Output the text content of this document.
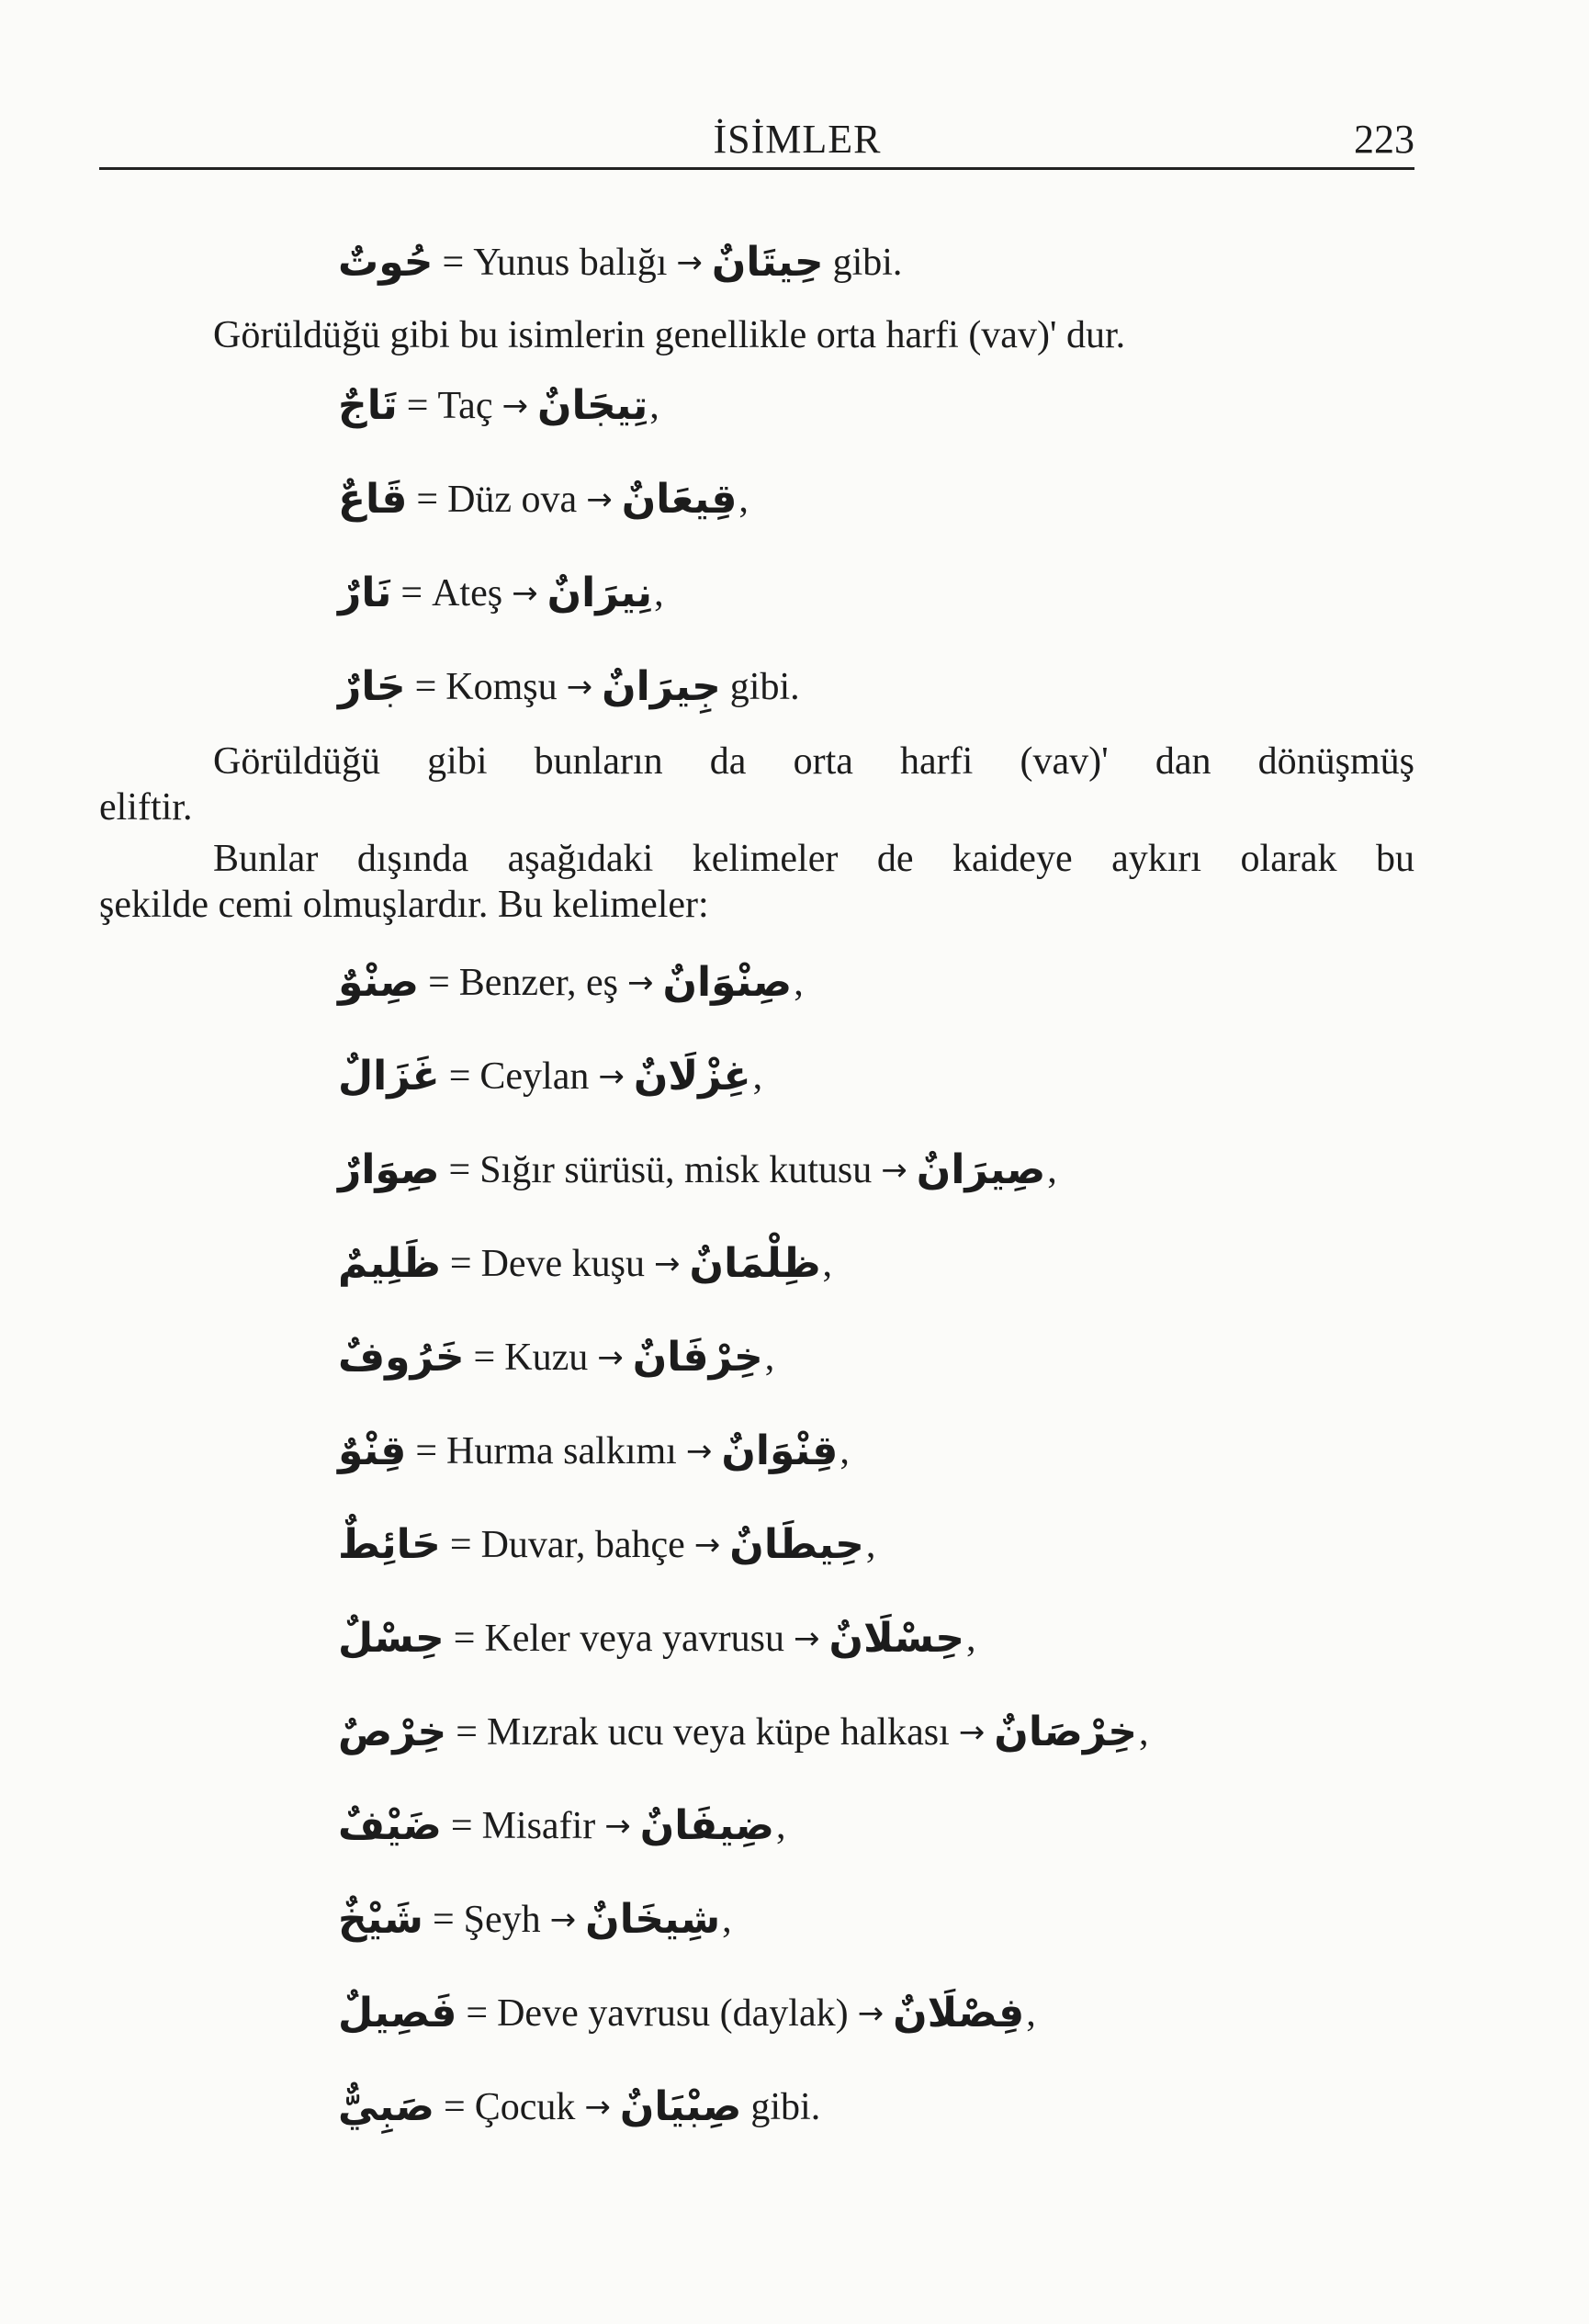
İSİMLER	223
حُوتٌ = Yunus balığı → حِيتَانٌ gibi.
Görüldüğü gibi bu isimlerin genellikle orta harfi (vav)' dur.
تَاجٌ = Taç → تِيجَانٌ ,
قَاعٌ = Düz ova → قِيعَانٌ ,
نَارٌ = Ateş → نِيرَانٌ ,
جَارٌ = Komşu → جِيرَانٌ gibi.
Görüldüğü gibi bunların da orta harfi (vav)' dan dönüşmüş
eliftir.
Bunlar dışında aşağıdaki kelimeler de kaideye aykırı olarak bu
şekilde cemi olmuşlardır. Bu kelimeler:
صِنْوٌ = Benzer, eş → صِنْوَانٌ ,
غَزَالٌ = Ceylan → غِزْلَانٌ ,
صِوَارٌ = Sığır sürüsü, misk kutusu → صِيرَانٌ ,
ظَلِيمٌ = Deve kuşu → ظِلْمَانٌ ,
خَرُوفٌ = Kuzu → خِرْفَانٌ ,
قِنْوٌ = Hurma salkımı → قِنْوَانٌ ,
حَائِطٌ = Duvar, bahçe → حِيطَانٌ ,
حِسْلٌ = Keler veya yavrusu → حِسْلَانٌ ,
خِرْصٌ = Mızrak ucu veya küpe halkası → خِرْصَانٌ ,
ضَيْفٌ = Misafir → ضِيفَانٌ ,
شَيْخٌ = Şeyh → شِيخَانٌ ,
فَصِيلٌ = Deve yavrusu (daylak) → فِصْلَانٌ ,
صَبِيٌّ = Çocuk → صِبْيَانٌ gibi.
